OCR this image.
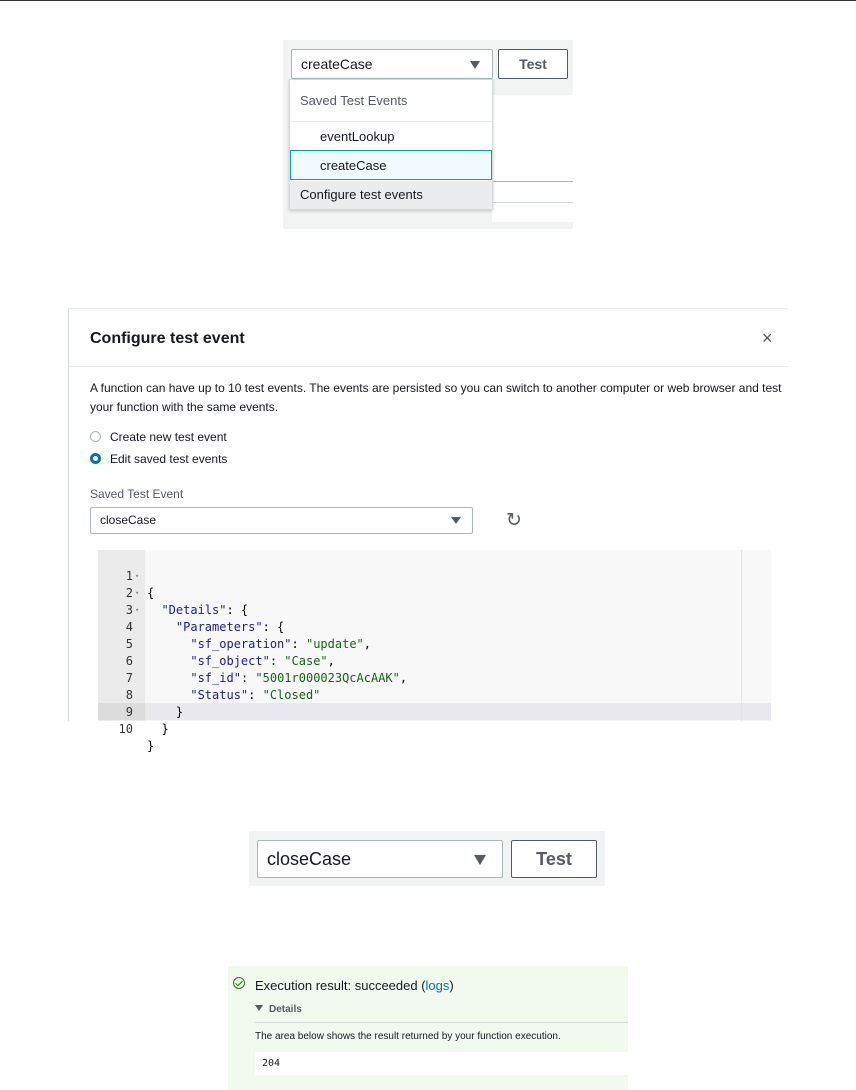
createCase	Test
Saved Test Events
eventLookup
createCase
Configure test events
Configure test event	×
A function can have up to 10 test events. The events are persisted so you can switch to another computer or web browser and test your function with the same events.
Create new test event
Edit saved test events
Saved Test Event
closeCase	↻

1 ▾

{

2 ▾

"Details": {

3 ▾

"Parameters": {

4

"sf_operation": "update",

5

"sf_object": "Case",

6

"sf_id": "5001r000023QcAcAAK",

7

"Status": "Closed"

8

}

9

}

10

}

closeCase	Test
Execution result: succeeded (logs)
Details
The area below shows the result returned by your function execution.
204
